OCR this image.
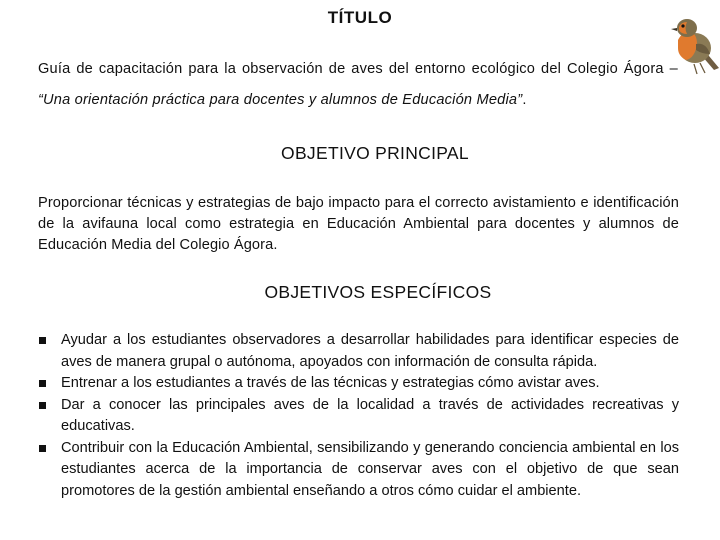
TÍTULO
Guía de capacitación para la observación de aves del entorno ecológico del Colegio Ágora – “Una orientación práctica para docentes y alumnos de Educación Media”.
OBJETIVO PRINCIPAL
Proporcionar técnicas y estrategias de bajo impacto para el correcto avistamiento e identificación de la avifauna local como estrategia en Educación Ambiental para docentes y alumnos de Educación Media del Colegio Ágora.
OBJETIVOS ESPECÍFICOS
Ayudar a los estudiantes observadores a desarrollar habilidades para identificar especies de aves de manera grupal o autónoma, apoyados con información de consulta rápida.
Entrenar a los estudiantes a través de las técnicas y estrategias cómo avistar aves.
Dar a conocer las principales aves de la localidad a través de actividades recreativas y educativas.
Contribuir con la Educación Ambiental, sensibilizando y generando conciencia ambiental en los estudiantes acerca de la importancia de conservar aves con el objetivo de que sean promotores de la gestión ambiental enseñando a otros cómo cuidar el ambiente.
